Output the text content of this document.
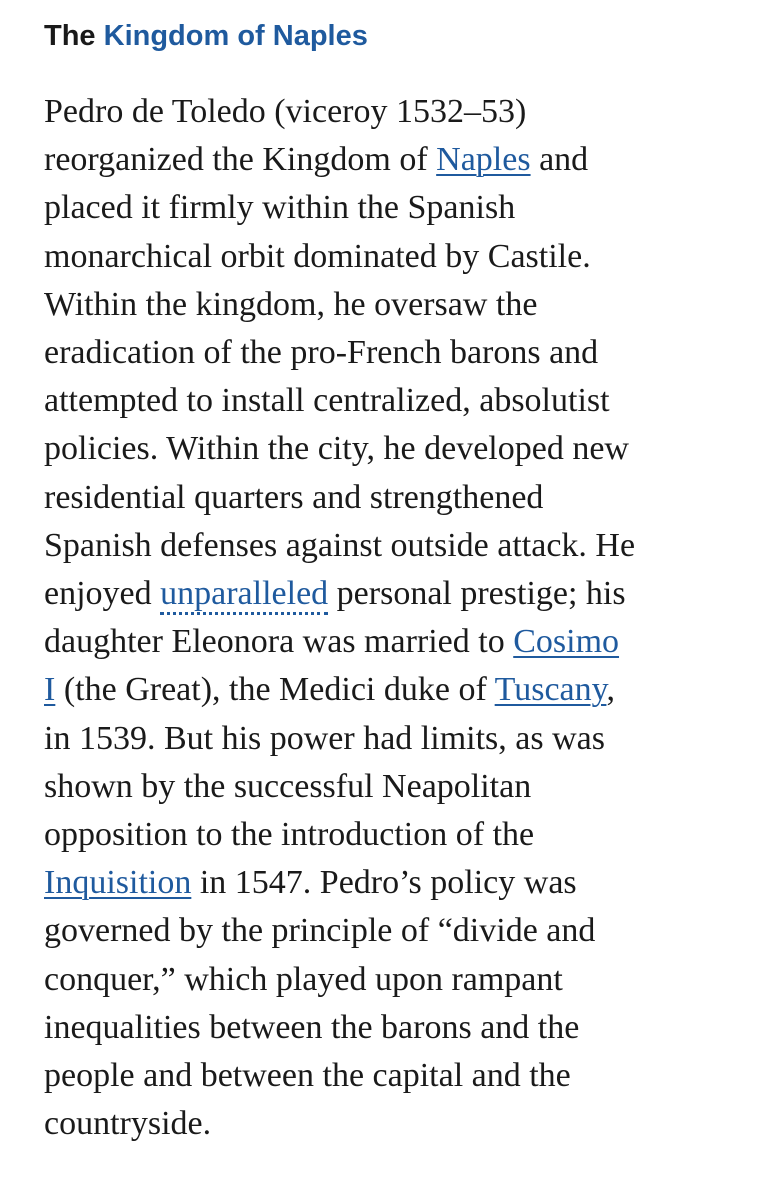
The Kingdom of Naples

Pedro de Toledo (viceroy 1532–53)
reorganized the Kingdom of Naples and
placed it firmly within the Spanish
monarchical orbit dominated by Castile.
Within the kingdom, he oversaw the
eradication of the pro-French barons and
attempted to install centralized, absolutist
policies. Within the city, he developed new
residential quarters and strengthened
Spanish defenses against outside attack. He
enjoyed unparalleled personal prestige; his
daughter Eleonora was married to Cosimo
I (the Great), the Medici duke of Tuscany,
in 1539. But his power had limits, as was
shown by the successful Neapolitan
opposition to the introduction of the
Inquisition in 1547. Pedro’s policy was
governed by the principle of “divide and
conquer,” which played upon rampant
inequalities between the barons and the
people and between the capital and the
countryside.
